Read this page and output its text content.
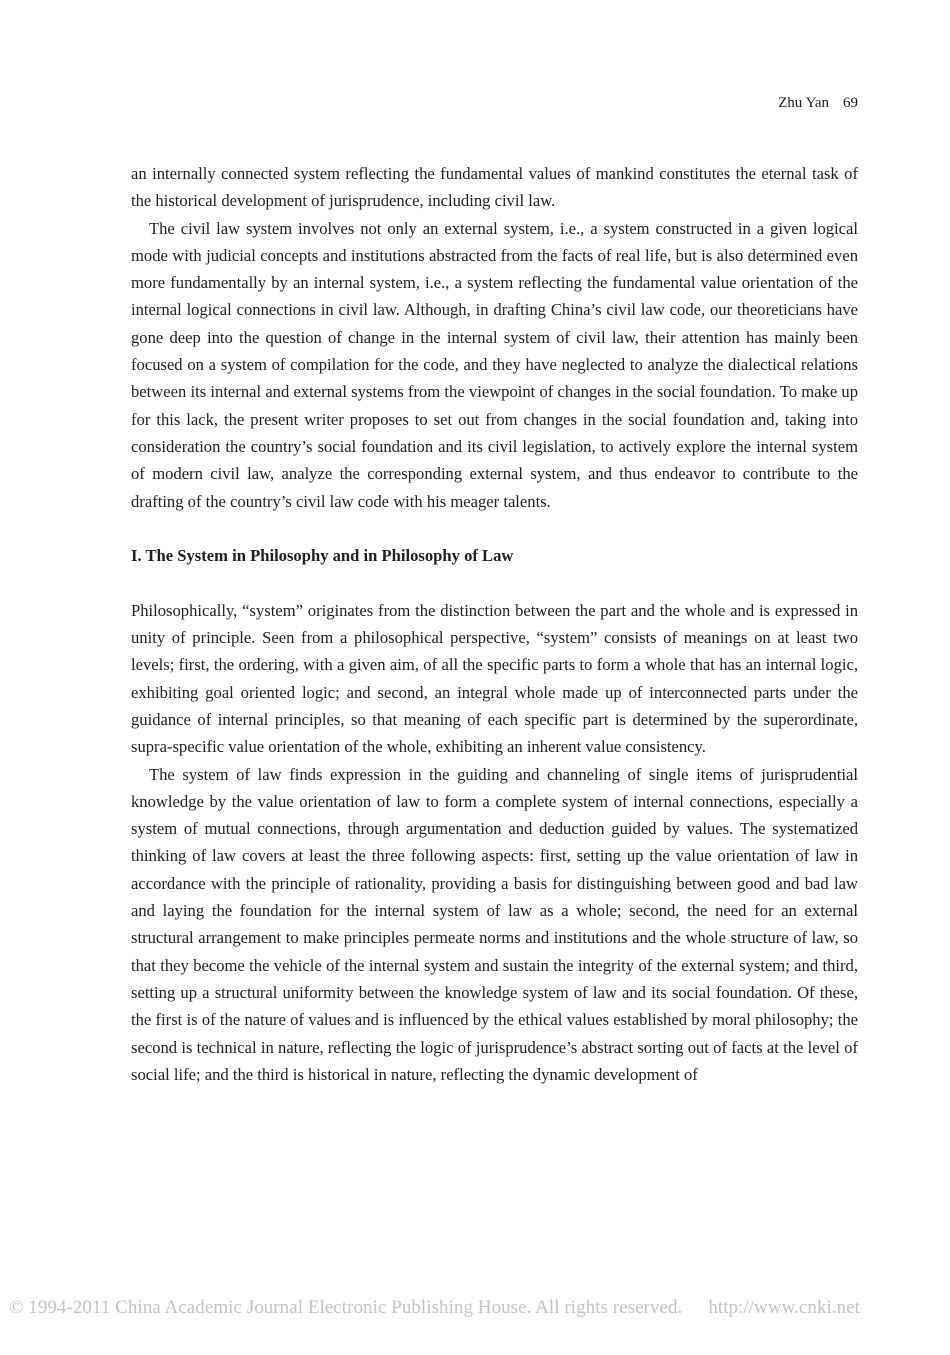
Zhu Yan 69

an internally connected system reflecting the fundamental values of mankind constitutes the eternal task of the historical development of jurisprudence, including civil law.

The civil law system involves not only an external system, i.e., a system constructed in a given logical mode with judicial concepts and institutions abstracted from the facts of real life, but is also determined even more fundamentally by an internal system, i.e., a system reflecting the fundamental value orientation of the internal logical connections in civil law. Although, in drafting China’s civil law code, our theoreticians have gone deep into the question of change in the internal system of civil law, their attention has mainly been focused on a system of compilation for the code, and they have neglected to analyze the dialectical relations between its internal and external systems from the viewpoint of changes in the social foundation. To make up for this lack, the present writer proposes to set out from changes in the social foundation and, taking into consideration the country’s social foundation and its civil legislation, to actively explore the internal system of modern civil law, analyze the corresponding external system, and thus endeavor to contribute to the drafting of the country’s civil law code with his meager talents.

I. The System in Philosophy and in Philosophy of Law

Philosophically, “system” originates from the distinction between the part and the whole and is expressed in unity of principle. Seen from a philosophical perspective, “system” consists of meanings on at least two levels; first, the ordering, with a given aim, of all the specific parts to form a whole that has an internal logic, exhibiting goal oriented logic; and second, an integral whole made up of interconnected parts under the guidance of internal principles, so that meaning of each specific part is determined by the superordinate, supra-specific value orientation of the whole, exhibiting an inherent value consistency.

The system of law finds expression in the guiding and channeling of single items of jurisprudential knowledge by the value orientation of law to form a complete system of internal connections, especially a system of mutual connections, through argumentation and deduction guided by values. The systematized thinking of law covers at least the three following aspects: first, setting up the value orientation of law in accordance with the principle of rationality, providing a basis for distinguishing between good and bad law and laying the foundation for the internal system of law as a whole; second, the need for an external structural arrangement to make principles permeate norms and institutions and the whole structure of law, so that they become the vehicle of the internal system and sustain the integrity of the external system; and third, setting up a structural uniformity between the knowledge system of law and its social foundation. Of these, the first is of the nature of values and is influenced by the ethical values established by moral philosophy; the second is technical in nature, reflecting the logic of jurisprudence’s abstract sorting out of facts at the level of social life; and the third is historical in nature, reflecting the dynamic development of

© 1994-2011 China Academic Journal Electronic Publishing House. All rights reserved. http://www.cnki.net
